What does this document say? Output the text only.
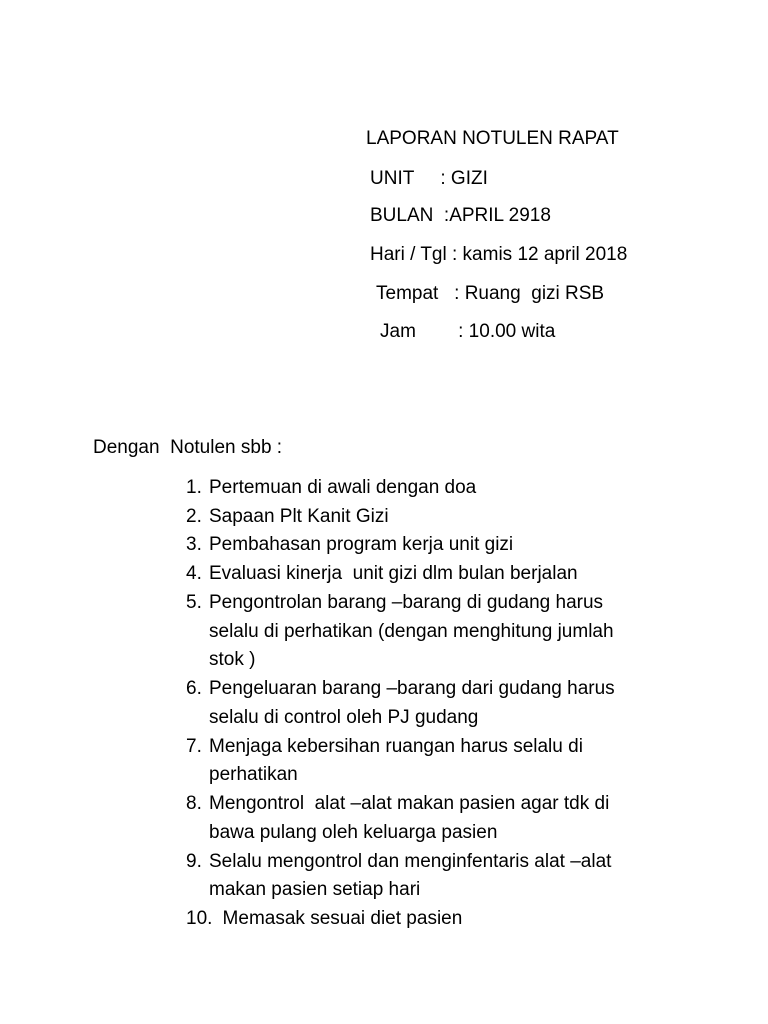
LAPORAN NOTULEN RAPAT
UNIT     : GIZI
BULAN  :APRIL 2918
Hari / Tgl : kamis 12 april 2018
Tempat   : Ruang  gizi RSB
Jam        : 10.00 wita
Dengan  Notulen sbb :
1. Pertemuan di awali dengan doa
2. Sapaan Plt Kanit Gizi
3. Pembahasan program kerja unit gizi
4. Evaluasi kinerja  unit gizi dlm bulan berjalan
5. Pengontrolan barang –barang di gudang harus
selalu di perhatikan (dengan menghitung jumlah
stok )
6. Pengeluaran barang –barang dari gudang harus
selalu di control oleh PJ gudang
7. Menjaga kebersihan ruangan harus selalu di
perhatikan
8. Mengontrol  alat –alat makan pasien agar tdk di
bawa pulang oleh keluarga pasien
9. Selalu mengontrol dan menginfentaris alat –alat
makan pasien setiap hari
10. Memasak sesuai diet pasien
